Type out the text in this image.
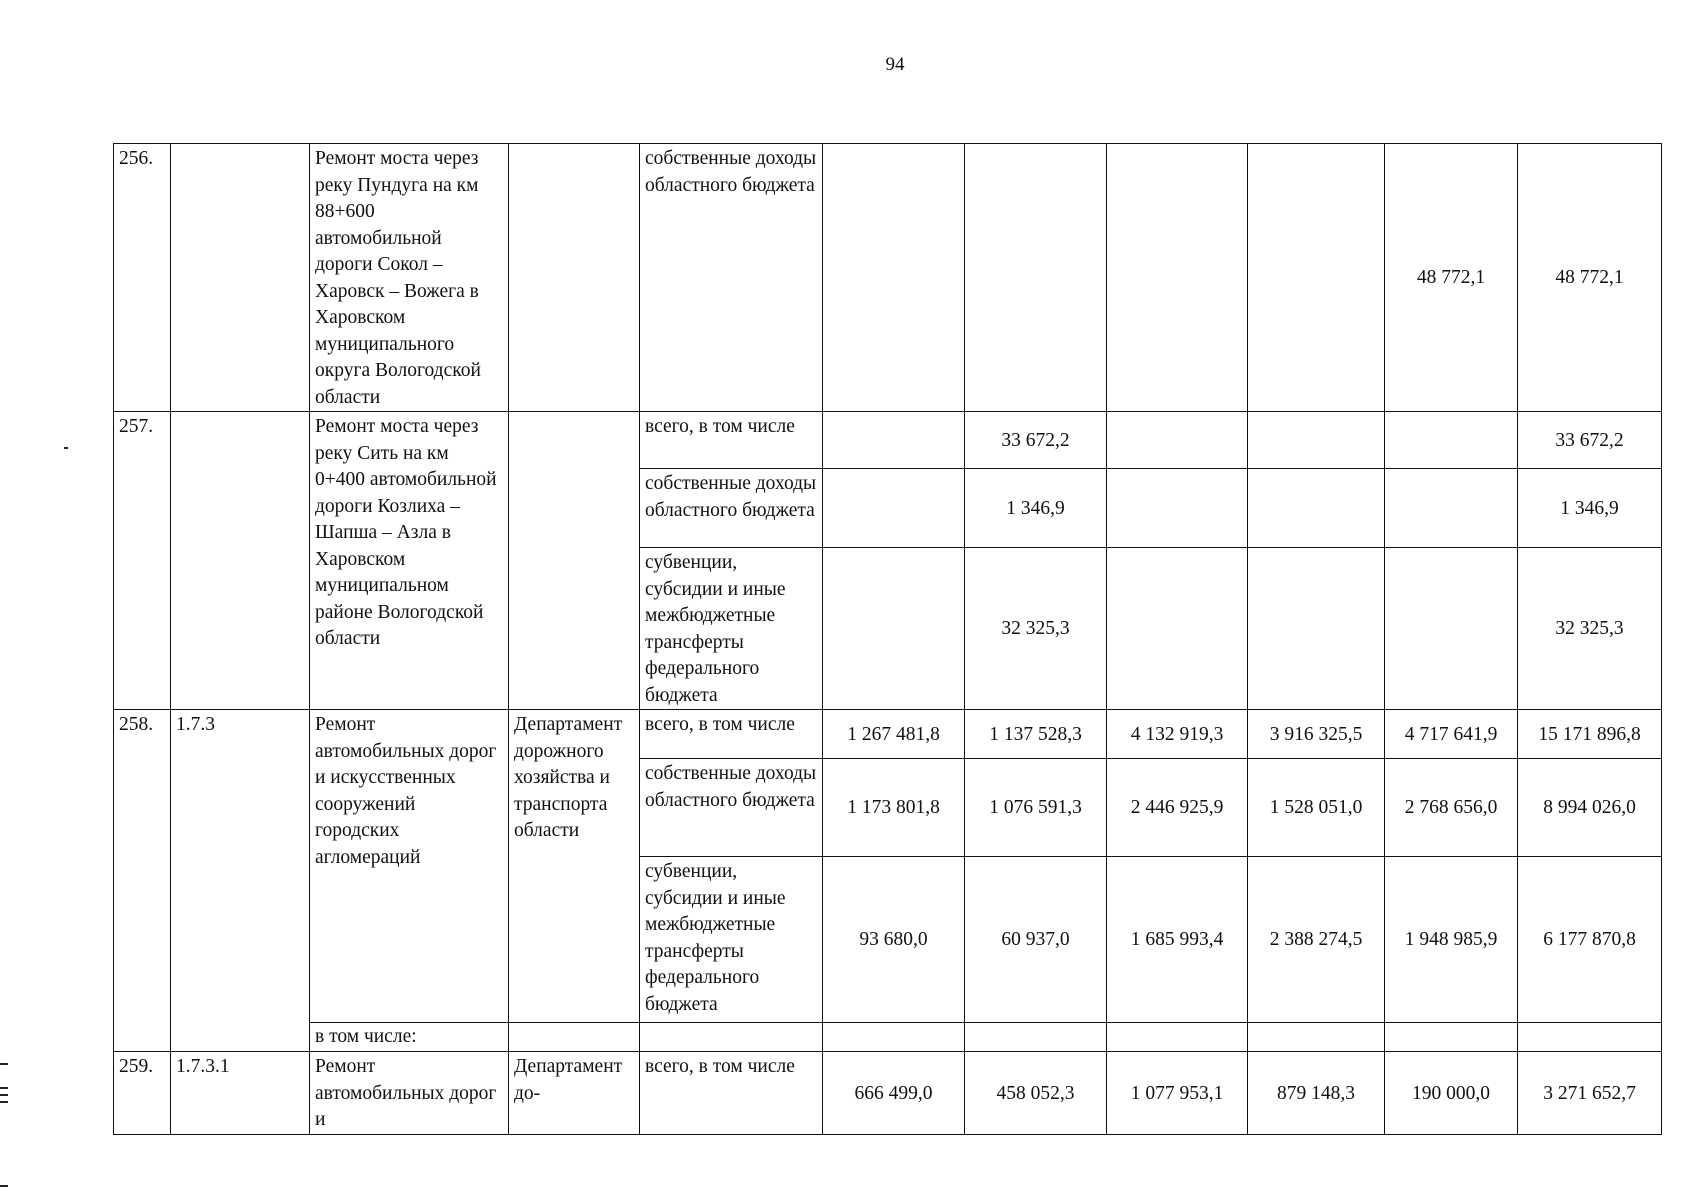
94
256.		Ремонт моста через реку Пундуга на км 88+600 автомобильной дороги Сокол – Харовск – Вожега в Харовском муниципального округа Вологодской области		собственные доходы областного бюджета					48 772,1	48 772,1
257.		Ремонт моста через реку Сить на км 0+400 автомобильной дороги Козлиха – Шапша – Азла в Харовском муниципальном районе Вологодской области		всего, в том числе		33 672,2				33 672,2
				собственные доходы областного бюджета		1 346,9				1 346,9
				субвенции, субсидии и иные межбюджетные трансферты федерального бюджета		32 325,3				32 325,3
258.	1.7.3	Ремонт автомобильных дорог и искусственных сооружений городских агломераций	Департамент дорожного хозяйства и транспорта области	всего, в том числе	1 267 481,8	1 137 528,3	4 132 919,3	3 916 325,5	4 717 641,9	15 171 896,8
				собственные доходы областного бюджета	1 173 801,8	1 076 591,3	2 446 925,9	1 528 051,0	2 768 656,0	8 994 026,0
				субвенции, субсидии и иные межбюджетные трансферты федерального бюджета	93 680,0	60 937,0	1 685 993,4	2 388 274,5	1 948 985,9	6 177 870,8
		в том числе:								
259.	1.7.3.1	Ремонт автомобильных дорог и	Департамент до-	всего, в том числе	666 499,0	458 052,3	1 077 953,1	879 148,3	190 000,0	3 271 652,7
